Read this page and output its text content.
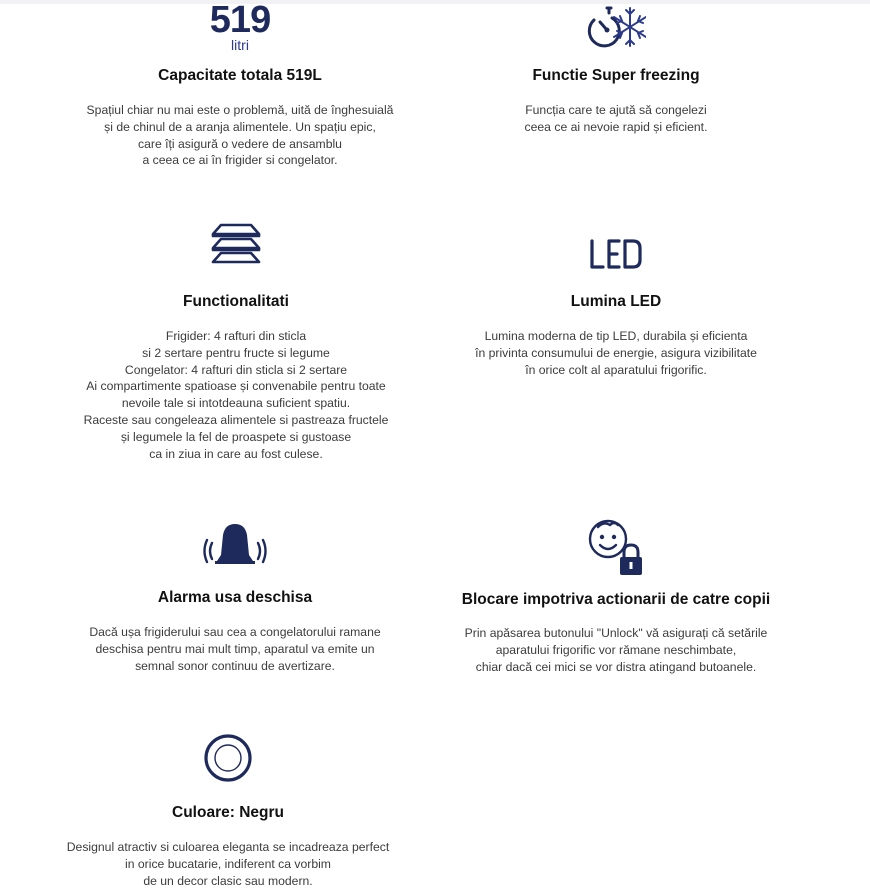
519
litri
Capacitate totala 519L
Spațiul chiar nu mai este o problemă, uită de înghesuială
și de chinul de a aranja alimentele. Un spațiu epic,
care îți asigură o vedere de ansamblu
a ceea ce ai în frigider si congelator.
Functie Super freezing
Funcția care te ajută să congelezi
ceea ce ai nevoie rapid și eficient.
Functionalitati
Frigider: 4 rafturi din sticla
si 2 sertare pentru fructe si legume
Congelator: 4 rafturi din sticla si 2 sertare
Ai compartimente spatioase și convenabile pentru toate
nevoile tale si intotdeauna suficient spatiu.
Raceste sau congeleaza alimentele si pastreaza fructele
și legumele la fel de proaspete si gustoase
ca in ziua in care au fost culese.
Lumina LED
Lumina moderna de tip LED, durabila și eficienta
în privinta consumului de energie, asigura vizibilitate
în orice colt al aparatului frigorific.
Alarma usa deschisa
Dacă ușa frigiderului sau cea a congelatorului ramane
deschisa pentru mai mult timp, aparatul va emite un
semnal sonor continuu de avertizare.
Blocare impotriva actionarii de catre copii
Prin apăsarea butonului "Unlock" vă asigurați că setările
aparatului frigorific vor rămane neschimbate,
chiar dacă cei mici se vor distra atingand butoanele.
Culoare: Negru
Designul atractiv si culoarea eleganta se incadreaza perfect
in orice bucatarie, indiferent ca vorbim
de un decor clasic sau modern.
